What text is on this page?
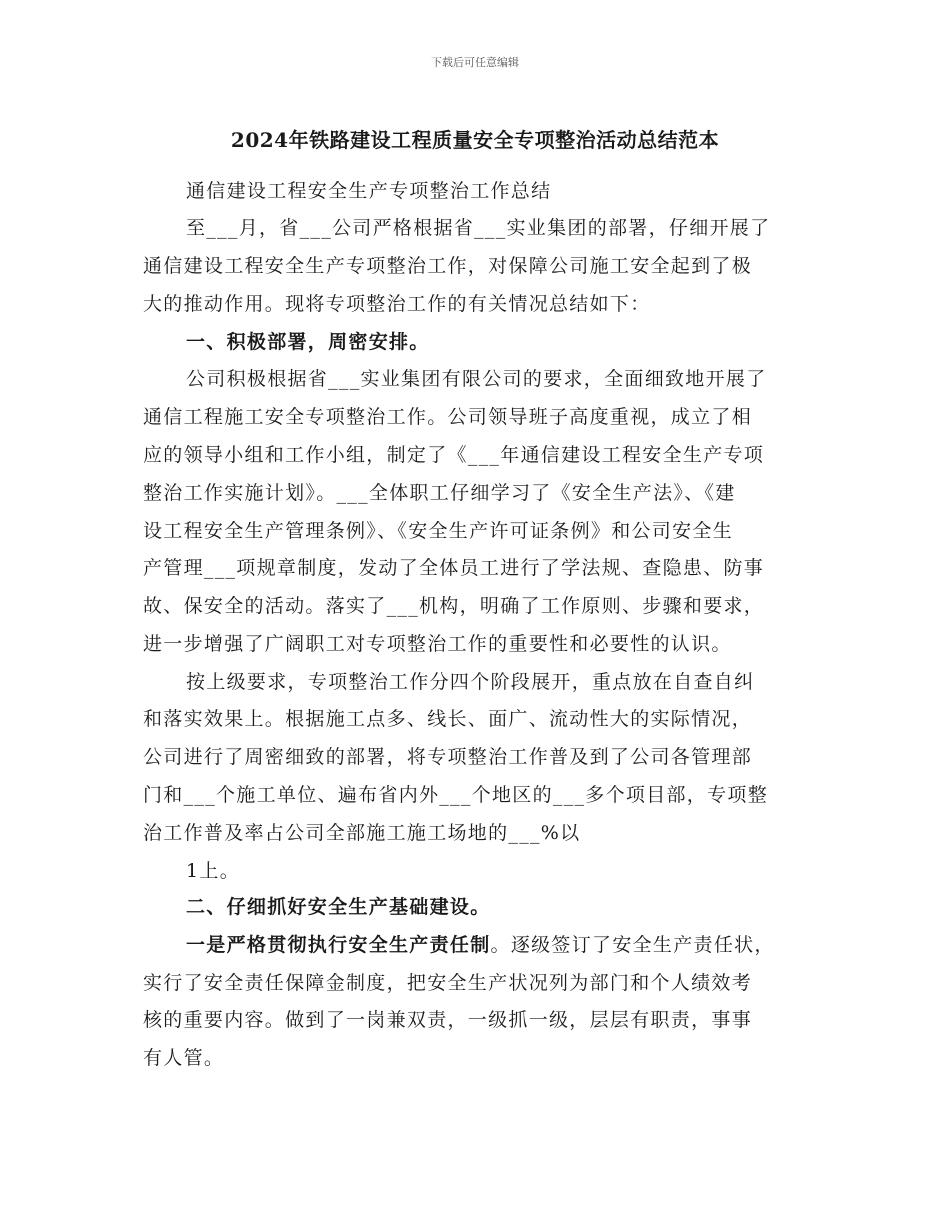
下载后可任意编辑
2024年铁路建设工程质量安全专项整治活动总结范本
通信建设工程安全生产专项整治工作总结
至___月，省___公司严格根据省___实业集团的部署，仔细开展了
通信建设工程安全生产专项整治工作，对保障公司施工安全起到了极
大的推动作用。现将专项整治工作的有关情况总结如下：
一、积极部署，周密安排。
公司积极根据省___实业集团有限公司的要求，全面细致地开展了
通信工程施工安全专项整治工作。公司领导班子高度重视，成立了相
应的领导小组和工作小组，制定了《___年通信建设工程安全生产专项
整治工作实施计划》。___全体职工仔细学习了《安全生产法》、《建
设工程安全生产管理条例》、《安全生产许可证条例》和公司安全生
产管理___项规章制度，发动了全体员工进行了学法规、查隐患、防事
故、保安全的活动。落实了___机构，明确了工作原则、步骤和要求，
进一步增强了广阔职工对专项整治工作的重要性和必要性的认识。
按上级要求，专项整治工作分四个阶段展开，重点放在自查自纠
和落实效果上。根据施工点多、线长、面广、流动性大的实际情况，
公司进行了周密细致的部署，将专项整治工作普及到了公司各管理部
门和___个施工单位、遍布省内外___个地区的___多个项目部，专项整
治工作普及率占公司全部施工施工场地的___%以
1上。
二、仔细抓好安全生产基础建设。
一是严格贯彻执行安全生产责任制。逐级签订了安全生产责任状，
实行了安全责任保障金制度，把安全生产状况列为部门和个人绩效考
核的重要内容。做到了一岗兼双责，一级抓一级，层层有职责，事事
有人管。
